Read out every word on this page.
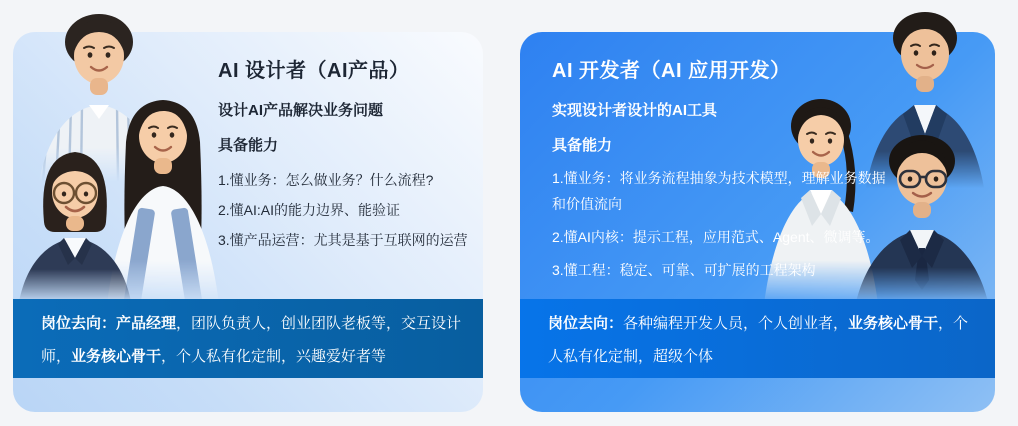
AI 设计者（AI产品）

设计AI产品解决业务问题

具备能力

1.懂业务：怎么做业务？什么流程?
2.懂AI:AI的能力边界、能验证
3.懂产品运营：尤其是基于互联网的运营

岗位去向：产品经理，团队负责人，创业团队老板等，交互设计师，业务核心骨干，个人私有化定制，兴趣爱好者等

AI 开发者（AI 应用开发）

实现设计者设计的AI工具

具备能力

1.懂业务：将业务流程抽象为技术模型，理解业务数据和价值流向
2.懂AI内核：提示工程，应用范式、Agent、微调等。
3.懂工程：稳定、可靠、可扩展的工程架构

岗位去向：各种编程开发人员，个人创业者，业务核心骨干，个人私有化定制，超级个体
